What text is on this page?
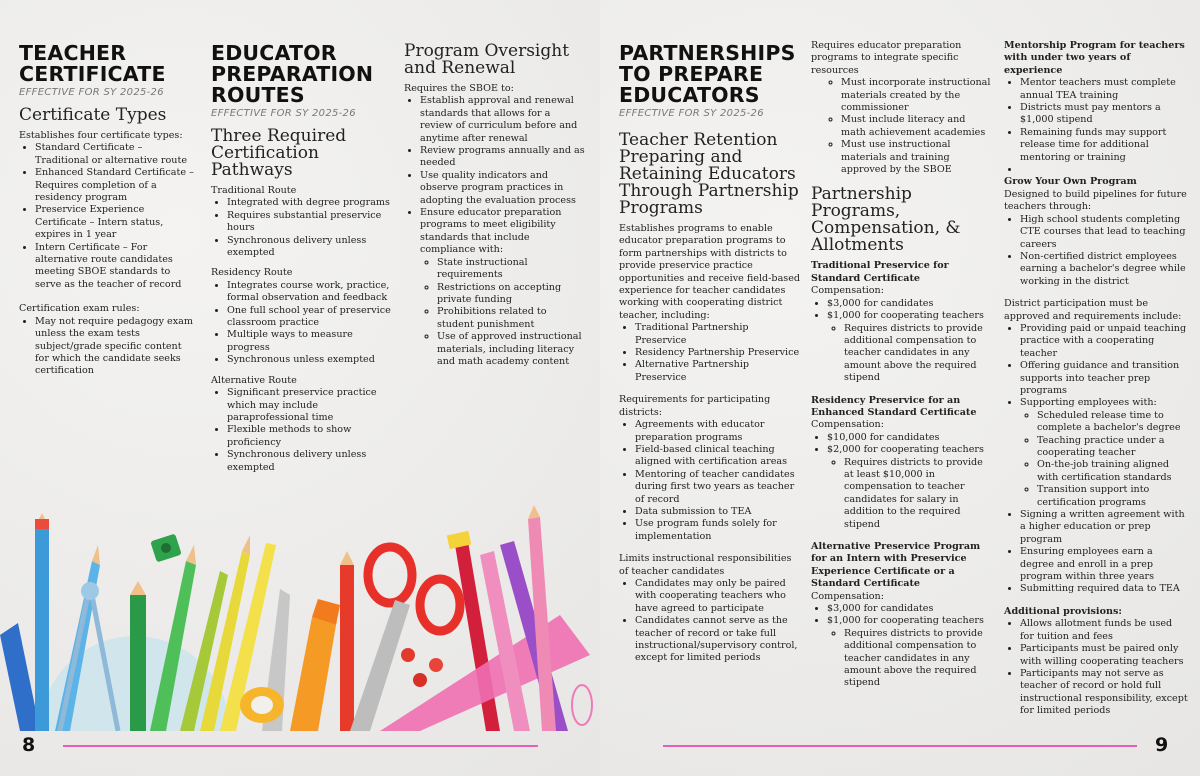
TEACHER CERTIFICATE
EFFECTIVE FOR SY 2025-26
Certificate Types

Establishes four certificate types:

• Standard Certificate – Traditional or alternative route
• Enhanced Standard Certificate – Requires completion of a residency program
• Preservice Experience Certificate – Intern status, expires in 1 year
• Intern Certificate – For alternative route candidates meeting SBOE standards to serve as the teacher of record

Certification exam rules:

• May not require pedagogy exam unless the exam tests subject/grade specific content for which the candidate seeks certification
EDUCATOR PREPARATION ROUTES
EFFECTIVE FOR SY 2025-26
Three Required Certification Pathways

Traditional Route

• Integrated with degree programs
• Requires substantial preservice hours
• Synchronous delivery unless exempted

Residency Route

• Integrates course work, practice, formal observation and feedback
• One full school year of preservice classroom practice
• Multiple ways to measure progress
• Synchronous unless exempted

Alternative Route

• Significant preservice practice which may include paraprofessional time
• Flexible methods to show proficiency
• Synchronous delivery unless exempted
Program Oversight and Renewal

Requires the SBOE to:

• Establish approval and renewal standards that allows for a review of curriculum before and anytime after renewal
• Review programs annually and as needed
• Use quality indicators and observe program practices in adopting the evaluation process
• Ensure educator preparation programs to meet eligibility standards that include compliance with:
◦ State instructional requirements
◦ Restrictions on accepting private funding
◦ Prohibitions related to student punishment
◦ Use of approved instructional materials, including literacy and math academy content
8
PARTNERSHIPS TO PREPARE EDUCATORS
EFFECTIVE FOR SY 2025-26
Teacher Retention Preparing and Retaining Educators Through Partnership Programs

Establishes programs to enable educator preparation programs to form partnerships with districts to provide preservice practice opportunities and receive field-based experience for teacher candidates working with cooperating district teacher, including:

• Traditional Partnership Preservice
• Residency Partnership Preservice
• Alternative Partnership Preservice

Requirements for participating districts:

• Agreements with educator preparation programs
• Field-based clinical teaching aligned with certification areas
• Mentoring of teacher candidates during first two years as teacher of record
• Data submission to TEA
• Use program funds solely for implementation

Limits instructional responsibilities of teacher candidates

• Candidates may only be paired with cooperating teachers who have agreed to participate
• Candidates cannot serve as the teacher of record or take full instructional/supervisory control, except for limited periods

Requires educator preparation programs to integrate specific resources

◦ Must incorporate instructional materials created by the commissioner
◦ Must include literacy and math achievement academies
◦ Must use instructional materials and training approved by the SBOE
Partnership Programs, Compensation, & Allotments

Traditional Preservice for Standard Certificate

Compensation:

• $3,000 for candidates
• $1,000 for cooperating teachers
◦ Requires districts to provide additional compensation to teacher candidates in any amount above the required stipend

Residency Preservice for an Enhanced Standard Certificate

Compensation:

• $10,000 for candidates
• $2,000 for cooperating teachers
◦ Requires districts to provide at least $10,000 in compensation to teacher candidates for salary in addition to the required stipend

Alternative Preservice Program for an Intern with Preservice Experience Certificate or a Standard Certificate

Compensation:

• $3,000 for candidates
• $1,000 for cooperating teachers
◦ Requires districts to provide additional compensation to teacher candidates in any amount above the required stipend

Mentorship Program for teachers with under two years of experience

• Mentor teachers must complete annual TEA training
• Districts must pay mentors a $1,000 stipend
• Remaining funds may support release time for additional mentoring or training
•

Grow Your Own Program

Designed to build pipelines for future teachers through:

• High school students completing CTE courses that lead to teaching careers
• Non-certified district employees earning a bachelor's degree while working in the district

District participation must be approved and requirements include:

• Providing paid or unpaid teaching practice with a cooperating teacher
• Offering guidance and transition supports into teacher prep programs
• Supporting employees with:
◦ Scheduled release time to complete a bachelor's degree
◦ Teaching practice under a cooperating teacher
◦ On-the-job training aligned with certification standards
◦ Transition support into certification programs
• Signing a written agreement with a higher education or prep program
• Ensuring employees earn a degree and enroll in a prep program within three years
• Submitting required data to TEA

Additional provisions:

• Allows allotment funds be used for tuition and fees
• Participants must be paired only with willing cooperating teachers
• Participants may not serve as teacher of record or hold full instructional responsibility, except for limited periods
9
